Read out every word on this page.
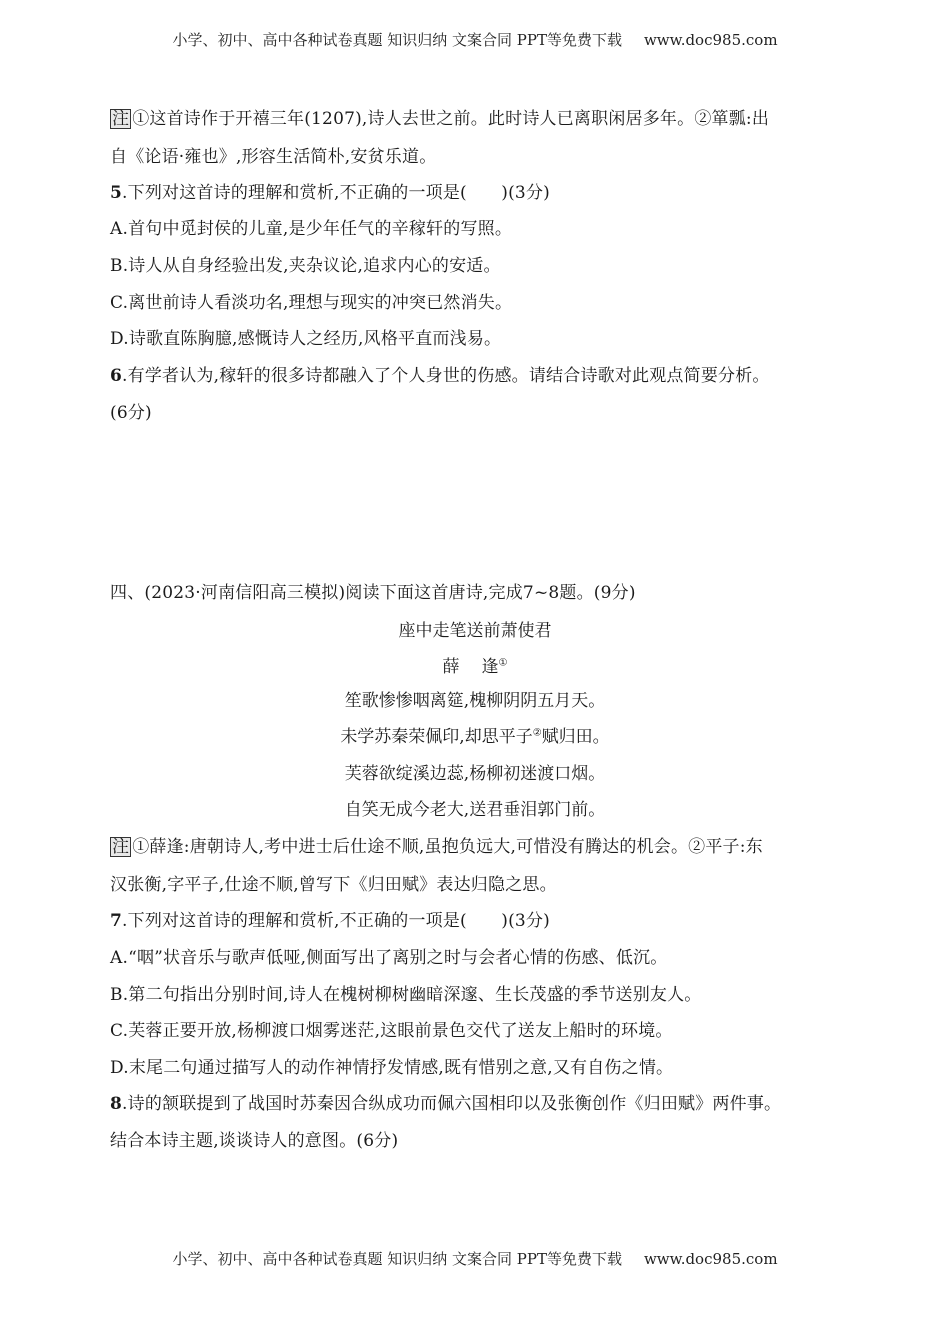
小学、初中、高中各种试卷真题 知识归纳 文案合同 PPT等免费下载 www.doc985.com
注 ①这首诗作于开禧三年(1207),诗人去世之前。此时诗人已离职闲居多年。②箪瓢:出
自《论语·雍也》,形容生活简朴,安贫乐道。
5.下列对这首诗的理解和赏析,不正确的一项是(　　)(3分)
A.首句中觅封侯的儿童,是少年任气的辛稼轩的写照。
B.诗人从自身经验出发,夹杂议论,追求内心的安适。
C.离世前诗人看淡功名,理想与现实的冲突已然消失。
D.诗歌直陈胸臆,感慨诗人之经历,风格平直而浅易。
6.有学者认为,稼轩的很多诗都融入了个人身世的伤感。请结合诗歌对此观点简要分析。
(6分)
四、(2023·河南信阳高三模拟)阅读下面这首唐诗,完成7~8题。(9分)
座中走笔送前萧使君
薛 逢①
笙歌惨惨咽离筵,槐柳阴阴五月天。
未学苏秦荣佩印,却思平子②赋归田。
芙蓉欲绽溪边蕊,杨柳初迷渡口烟。
自笑无成今老大,送君垂泪郭门前。
注 ①薛逢:唐朝诗人,考中进士后仕途不顺,虽抱负远大,可惜没有腾达的机会。②平子:东
汉张衡,字平子,仕途不顺,曾写下《归田赋》表达归隐之思。
7.下列对这首诗的理解和赏析,不正确的一项是(　　)(3分)
A.“咽”状音乐与歌声低哑,侧面写出了离别之时与会者心情的伤感、低沉。
B.第二句指出分别时间,诗人在槐树柳树幽暗深邃、生长茂盛的季节送别友人。
C.芙蓉正要开放,杨柳渡口烟雾迷茫,这眼前景色交代了送友上船时的环境。
D.末尾二句通过描写人的动作神情抒发情感,既有惜别之意,又有自伤之情。
8.诗的颔联提到了战国时苏秦因合纵成功而佩六国相印以及张衡创作《归田赋》两件事。
结合本诗主题,谈谈诗人的意图。(6分)
小学、初中、高中各种试卷真题 知识归纳 文案合同 PPT等免费下载 www.doc985.com
